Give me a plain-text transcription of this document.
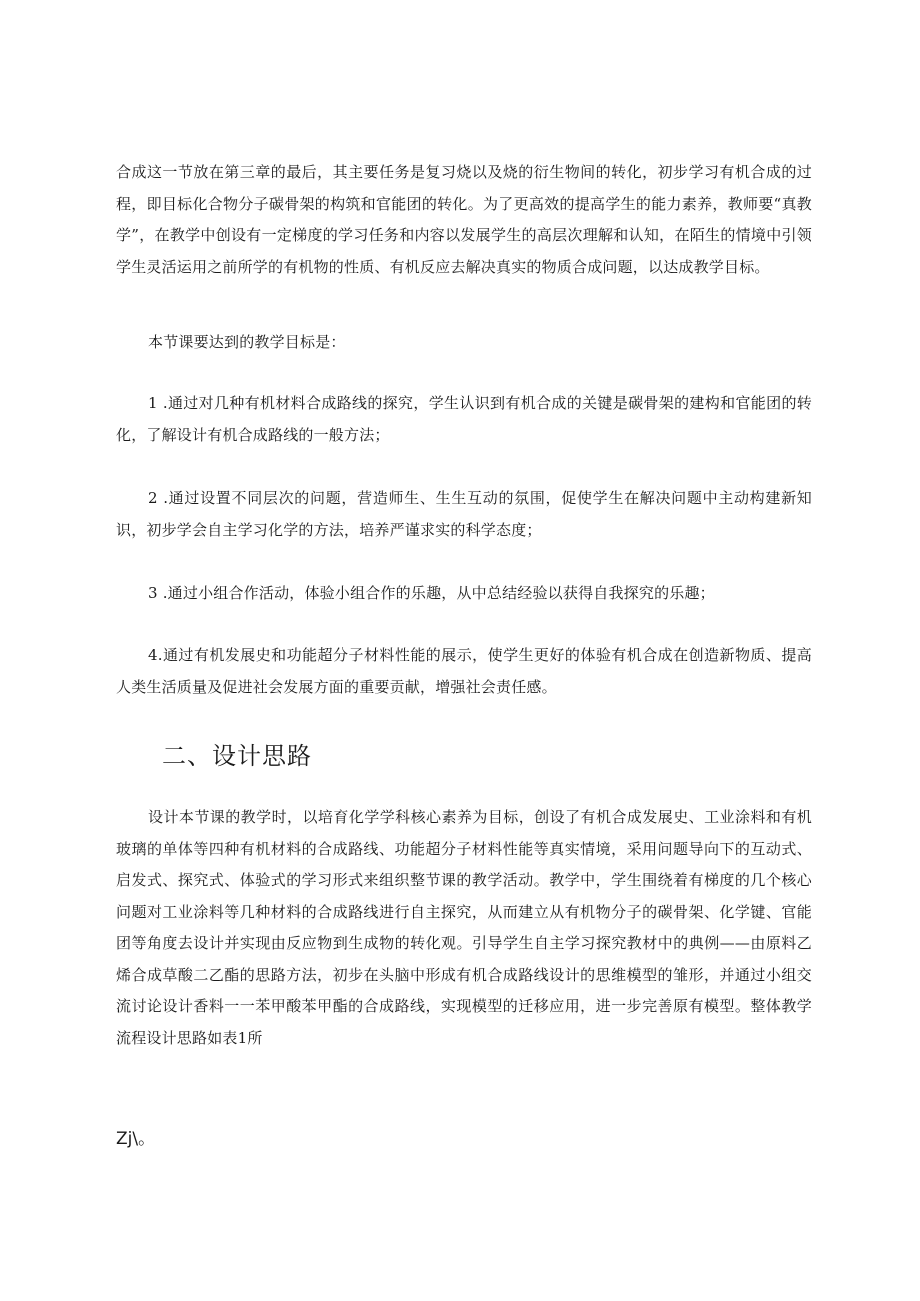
合成这一节放在第三章的最后，其主要任务是复习烧以及烧的衍生物间的转化，初步学习有机合成的过程，即目标化合物分子碳骨架的构筑和官能团的转化。为了更高效的提高学生的能力素养，教师要“真教学”，在教学中创设有一定梯度的学习任务和内容以发展学生的高层次理解和认知，在陌生的情境中引领学生灵活运用之前所学的有机物的性质、有机反应去解决真实的物质合成问题，以达成教学目标。

本节课要达到的教学目标是：

1 .通过对几种有机材料合成路线的探究，学生认识到有机合成的关键是碳骨架的建构和官能团的转化，了解设计有机合成路线的一般方法；

2 .通过设置不同层次的问题，营造师生、生生互动的氛围，促使学生在解决问题中主动构建新知识，初步学会自主学习化学的方法，培养严谨求实的科学态度；

3 .通过小组合作活动，体验小组合作的乐趣，从中总结经验以获得自我探究的乐趣；

4.通过有机发展史和功能超分子材料性能的展示，使学生更好的体验有机合成在创造新物质、提高人类生活质量及促进社会发展方面的重要贡献，增强社会责任感。

二、设计思路

设计本节课的教学时，以培育化学学科核心素养为目标，创设了有机合成发展史、工业涂料和有机玻璃的单体等四种有机材料的合成路线、功能超分子材料性能等真实情境，采用问题导向下的互动式、启发式、探究式、体验式的学习形式来组织整节课的教学活动。教学中，学生围绕着有梯度的几个核心问题对工业涂料等几种材料的合成路线进行自主探究，从而建立从有机物分子的碳骨架、化学键、官能团等角度去设计并实现由反应物到生成物的转化观。引导学生自主学习探究教材中的典例——由原料乙烯合成草酸二乙酯的思路方法，初步在头脑中形成有机合成路线设计的思维模型的雏形，并通过小组交流讨论设计香料一一苯甲酸苯甲酯的合成路线，实现模型的迁移应用，进一步完善原有模型。整体教学流程设计思路如表1所

Zj\。
